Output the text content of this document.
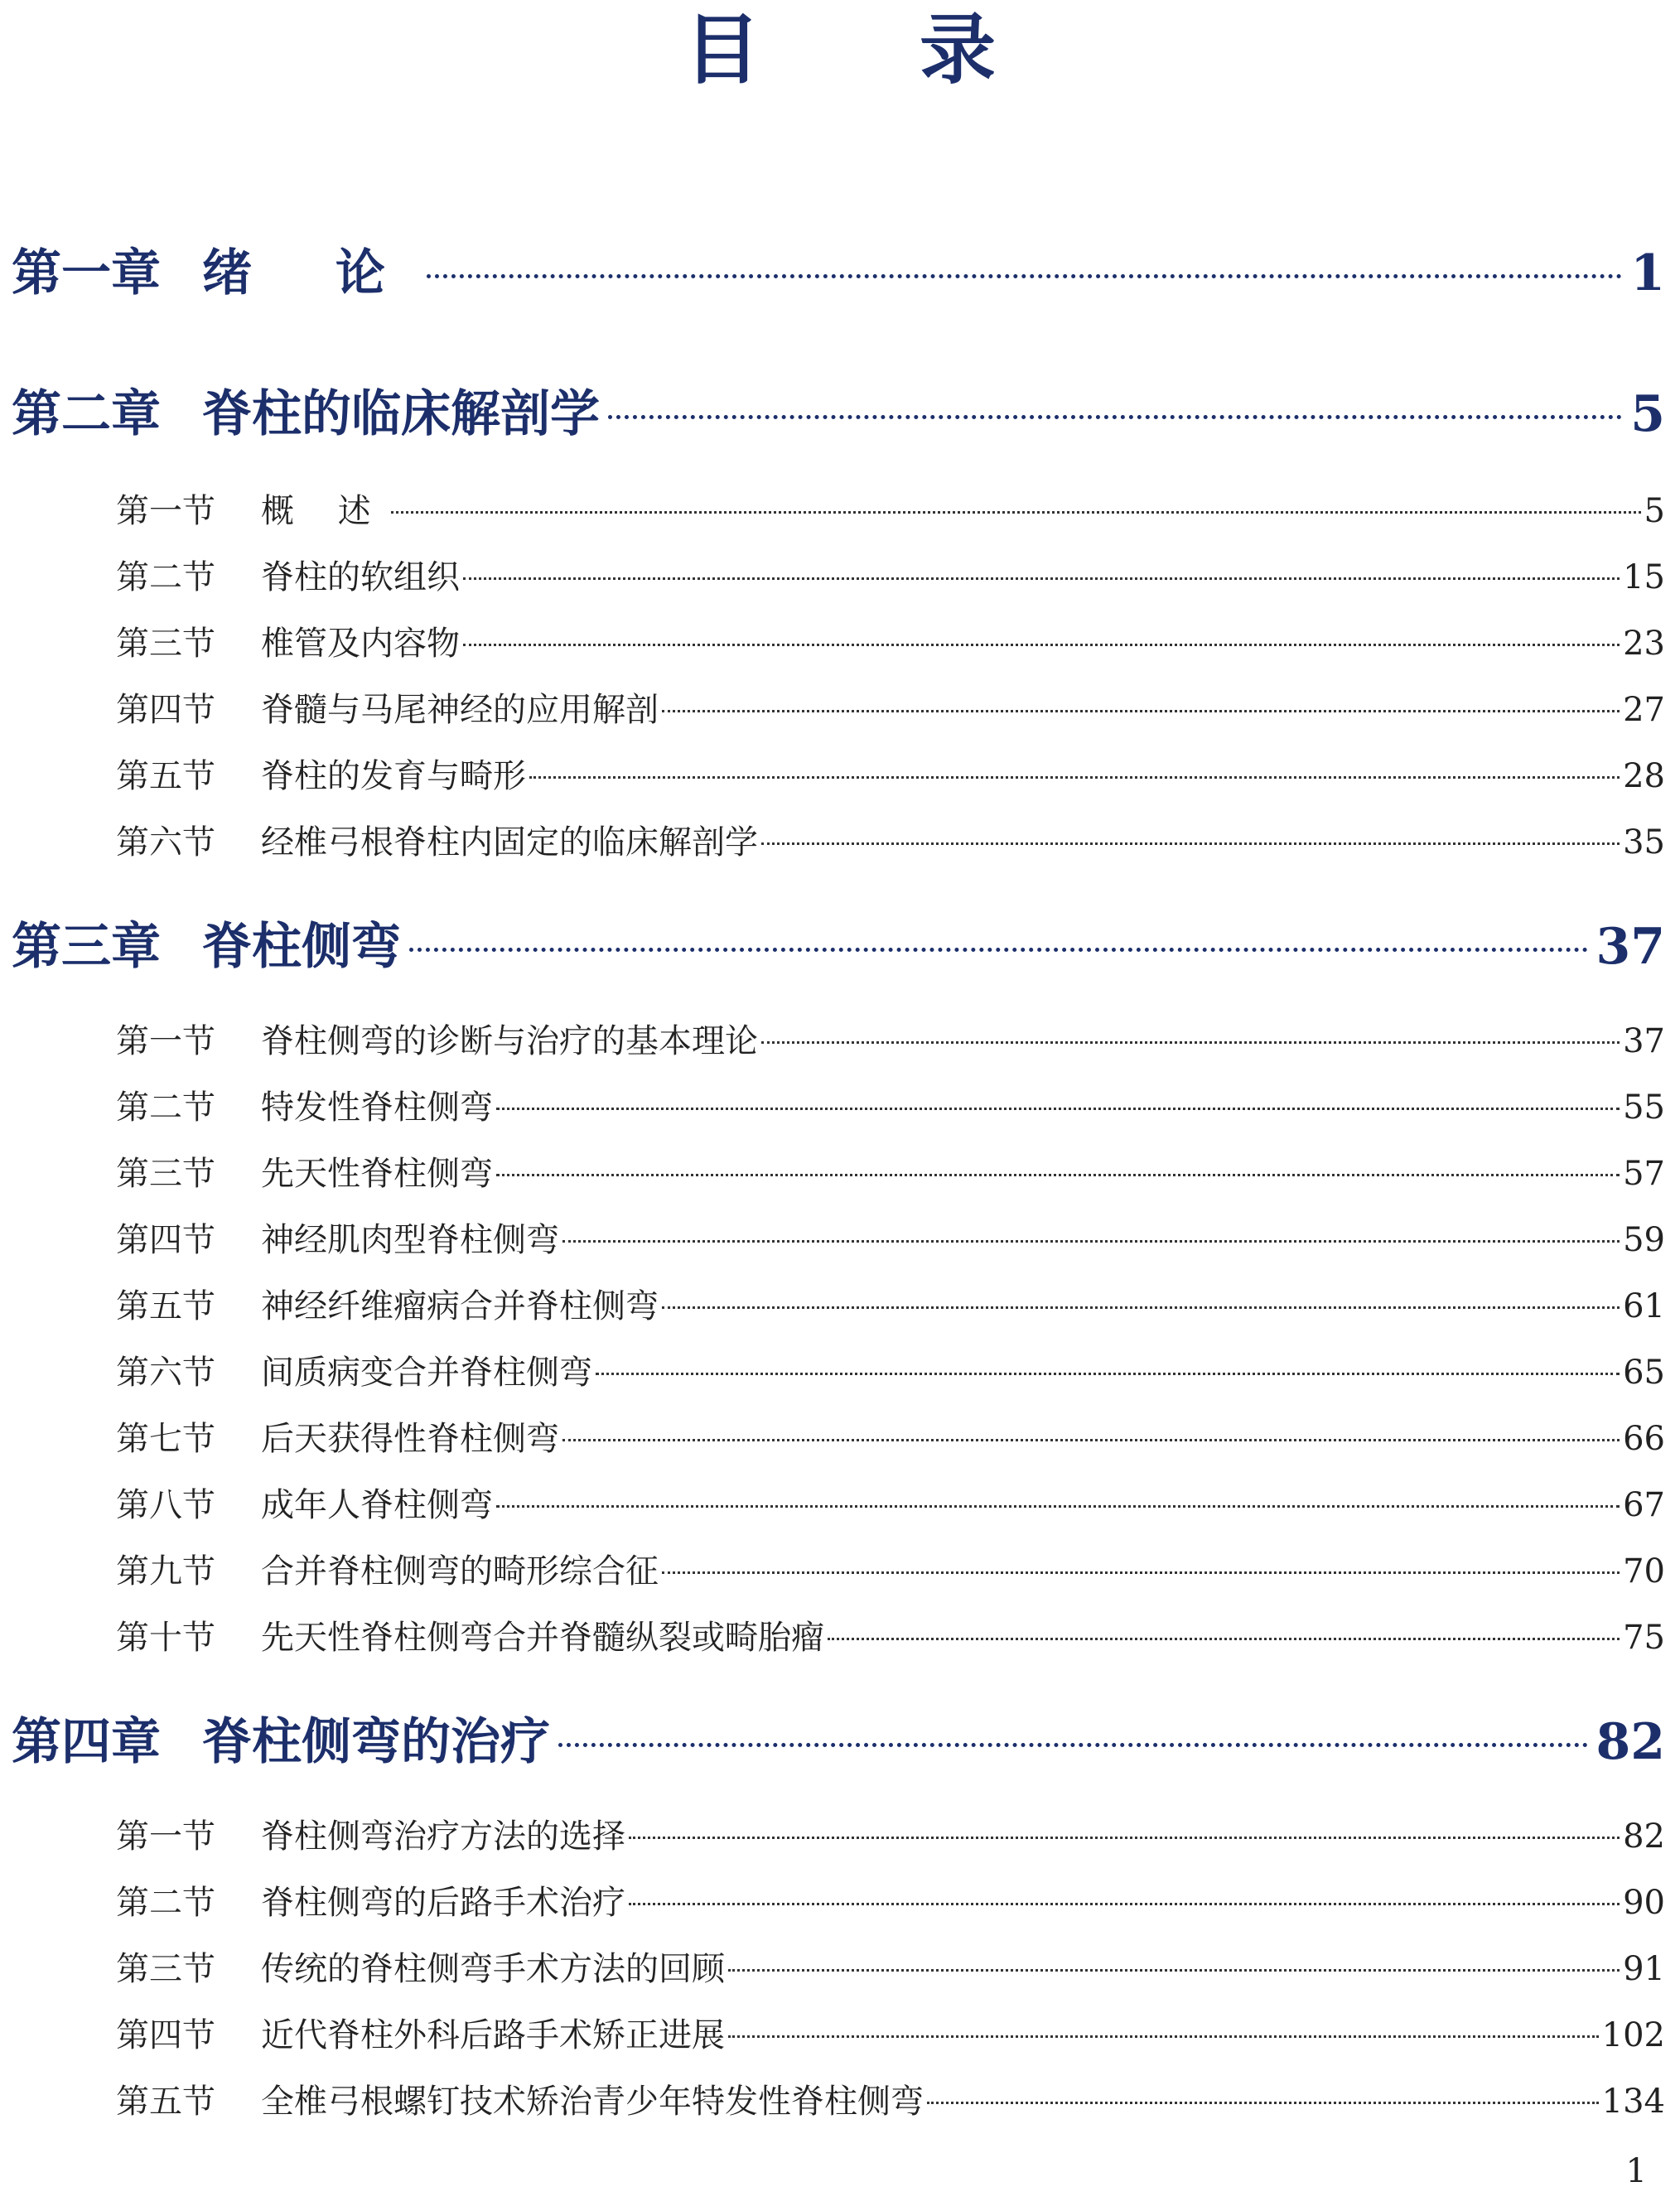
目 录
第一章 绪 论	1
第二章 脊柱的临床解剖学	5
第一节	概 述	5
第二节	脊柱的软组织	15
第三节	椎管及内容物	23
第四节	脊髓与马尾神经的应用解剖	27
第五节	脊柱的发育与畸形	28
第六节	经椎弓根脊柱内固定的临床解剖学	35
第三章 脊柱侧弯	37
第一节	脊柱侧弯的诊断与治疗的基本理论	37
第二节	特发性脊柱侧弯	55
第三节	先天性脊柱侧弯	57
第四节	神经肌肉型脊柱侧弯	59
第五节	神经纤维瘤病合并脊柱侧弯	61
第六节	间质病变合并脊柱侧弯	65
第七节	后天获得性脊柱侧弯	66
第八节	成年人脊柱侧弯	67
第九节	合并脊柱侧弯的畸形综合征	70
第十节	先天性脊柱侧弯合并脊髓纵裂或畸胎瘤	75
第四章 脊柱侧弯的治疗	82
第一节	脊柱侧弯治疗方法的选择	82
第二节	脊柱侧弯的后路手术治疗	90
第三节	传统的脊柱侧弯手术方法的回顾	91
第四节	近代脊柱外科后路手术矫正进展	102
第五节	全椎弓根螺钉技术矫治青少年特发性脊柱侧弯	134
1
